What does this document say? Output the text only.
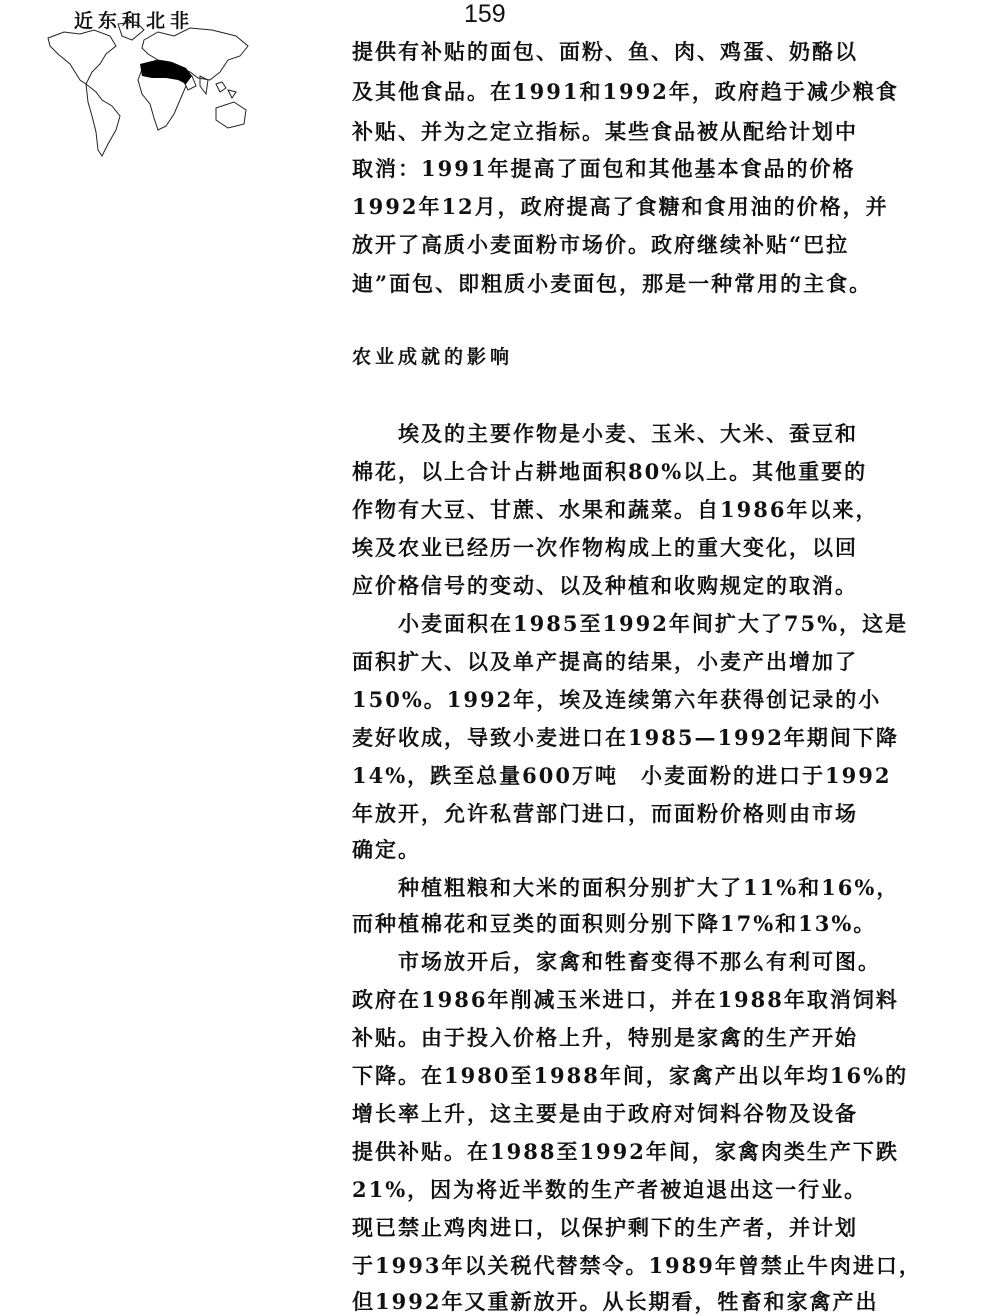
近东和北非	159
提供有补贴的面包、面粉、鱼、肉、鸡蛋、奶酪以
及其他食品。在1991和1992年，政府趋于减少粮食
补贴、并为之定立指标。某些食品被从配给计划中
取消：1991年提高了面包和其他基本食品的价格
1992年12月，政府提高了食糖和食用油的价格，并
放开了高质小麦面粉市场价。政府继续补贴“巴拉
迪”面包、即粗质小麦面包，那是一种常用的主食。
农业成就的影响
　　埃及的主要作物是小麦、玉米、大米、蚕豆和
棉花，以上合计占耕地面积80%以上。其他重要的
作物有大豆、甘蔗、水果和蔬菜。自1986年以来，
埃及农业已经历一次作物构成上的重大变化，以回
应价格信号的变动、以及种植和收购规定的取消。
　　小麦面积在1985至1992年间扩大了75%，这是
面积扩大、以及单产提高的结果，小麦产出增加了
150%。1992年，埃及连续第六年获得创记录的小
麦好收成，导致小麦进口在1985—1992年期间下降
14%，跌至总量600万吨　小麦面粉的进口于1992
年放开，允许私营部门进口，而面粉价格则由市场
确定。
　　种植粗粮和大米的面积分别扩大了11%和16%，
而种植棉花和豆类的面积则分别下降17%和13%。
　　市场放开后，家禽和牲畜变得不那么有利可图。
政府在1986年削减玉米进口，并在1988年取消饲料
补贴。由于投入价格上升，特别是家禽的生产开始
下降。在1980至1988年间，家禽产出以年均16%的
增长率上升，这主要是由于政府对饲料谷物及设备
提供补贴。在1988至1992年间，家禽肉类生产下跌
21%，因为将近半数的生产者被迫退出这一行业。
现已禁止鸡肉进口，以保护剩下的生产者，并计划
于1993年以关税代替禁令。1989年曾禁止牛肉进口，
但1992年又重新放开。从长期看，牲畜和家禽产出
